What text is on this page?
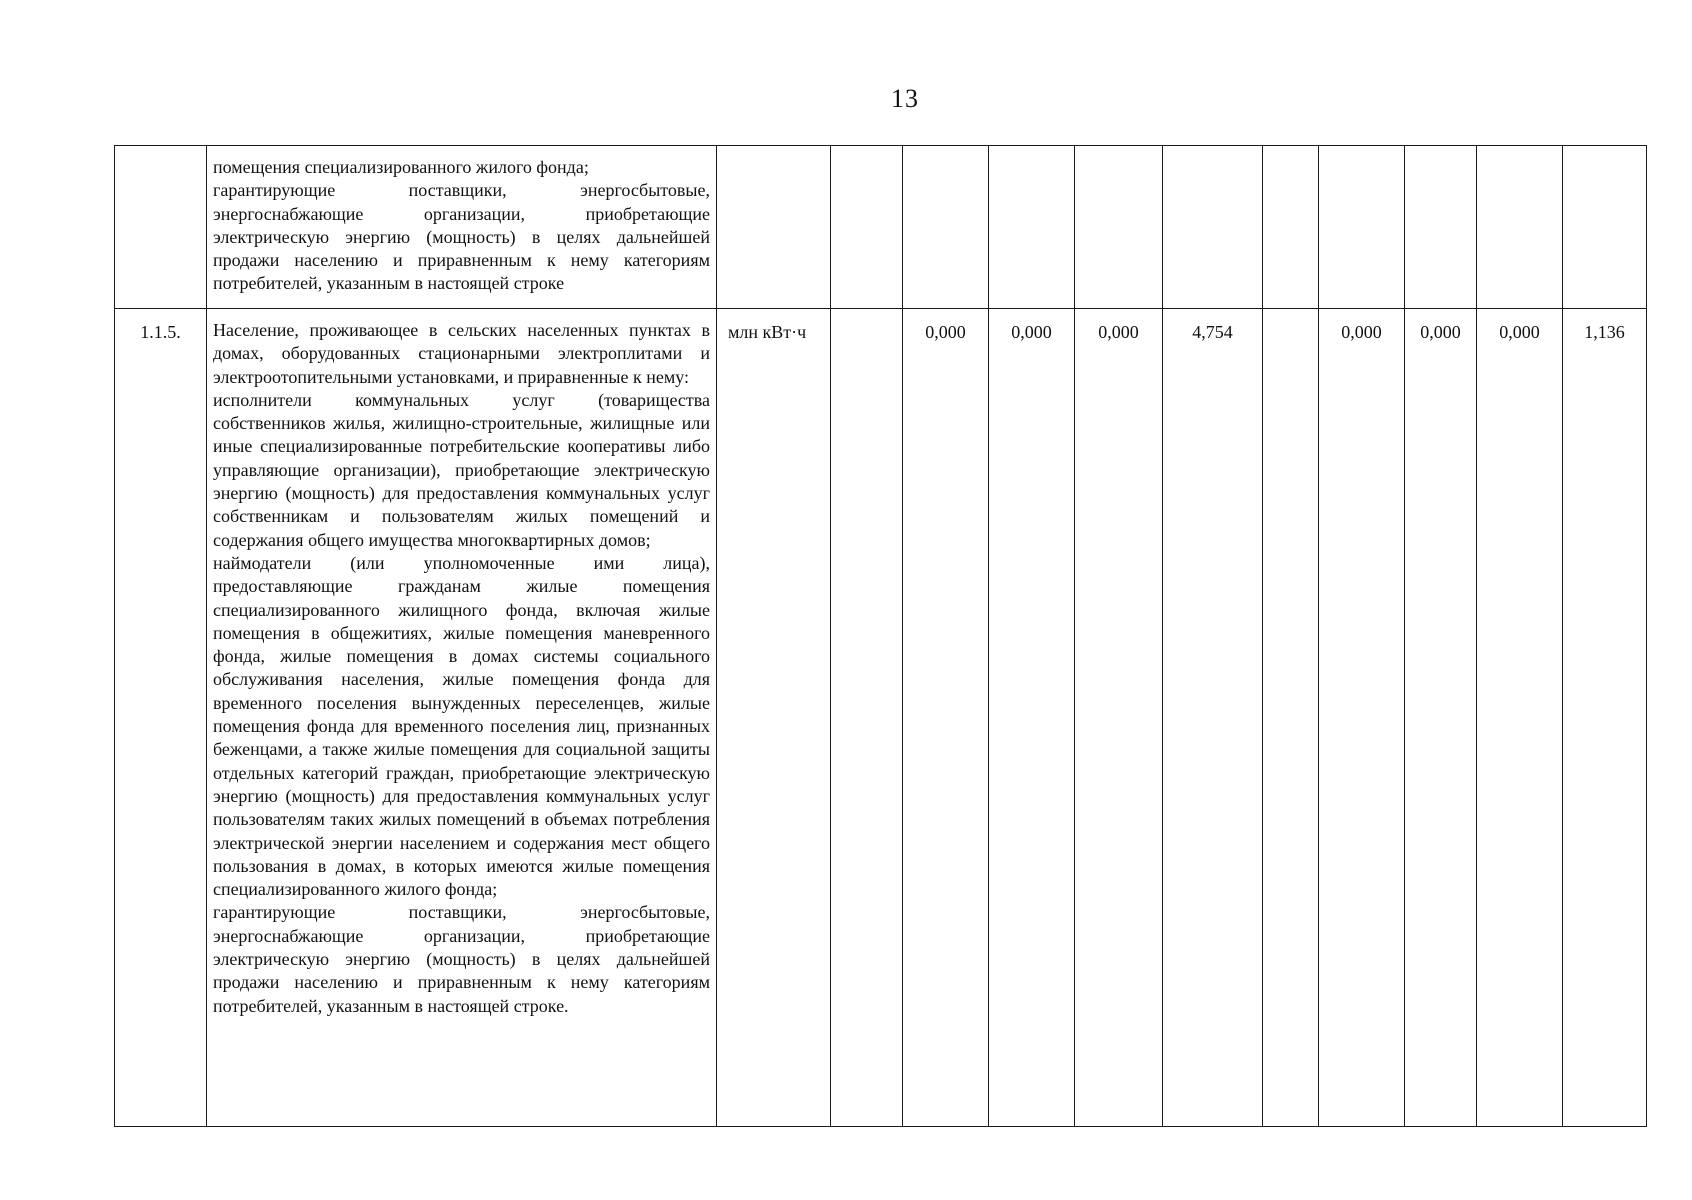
13

	помещения специализированного жилого фонда;

гарантирующие поставщики, энергосбытовые, энергоснабжающие организации, приобретающие электрическую энергию (мощность) в целях дальнейшей продажи населению и приравненным к нему категориям потребителей, указанным в настоящей строке											

1.1.5.	Население, проживающее в сельских населенных пунктах в домах, оборудованных стационарными электроплитами и электроотопительными установками, и приравненные к нему:

исполнители коммунальных услуг (товарищества собственников жилья, жилищно-строительные, жилищные или иные специализированные потребительские кооперативы либо управляющие организации), приобретающие электрическую энергию (мощность) для предоставления коммунальных услуг собственникам и пользователям жилых помещений и содержания общего имущества многоквартирных домов;

наймодатели (или уполномоченные ими лица), предоставляющие гражданам жилые помещения специализированного жилищного фонда, включая жилые помещения в общежитиях, жилые помещения маневренного фонда, жилые помещения в домах системы социального обслуживания населения, жилые помещения фонда для временного поселения вынужденных переселенцев, жилые помещения фонда для временного поселения лиц, признанных беженцами, а также жилые помещения для социальной защиты отдельных категорий граждан, приобретающие электрическую энергию (мощность) для предоставления коммунальных услуг пользователям таких жилых помещений в объемах потребления электрической энергии населением и содержания мест общего пользования в домах, в которых имеются жилые помещения специализированного жилого фонда;

гарантирующие поставщики, энергосбытовые, энергоснабжающие организации, приобретающие электрическую энергию (мощность) в целях дальнейшей продажи населению и приравненным к нему категориям потребителей, указанным в настоящей строке.	млн кВт·ч		0,000	0,000	0,000	4,754		0,000	0,000	0,000	1,136
